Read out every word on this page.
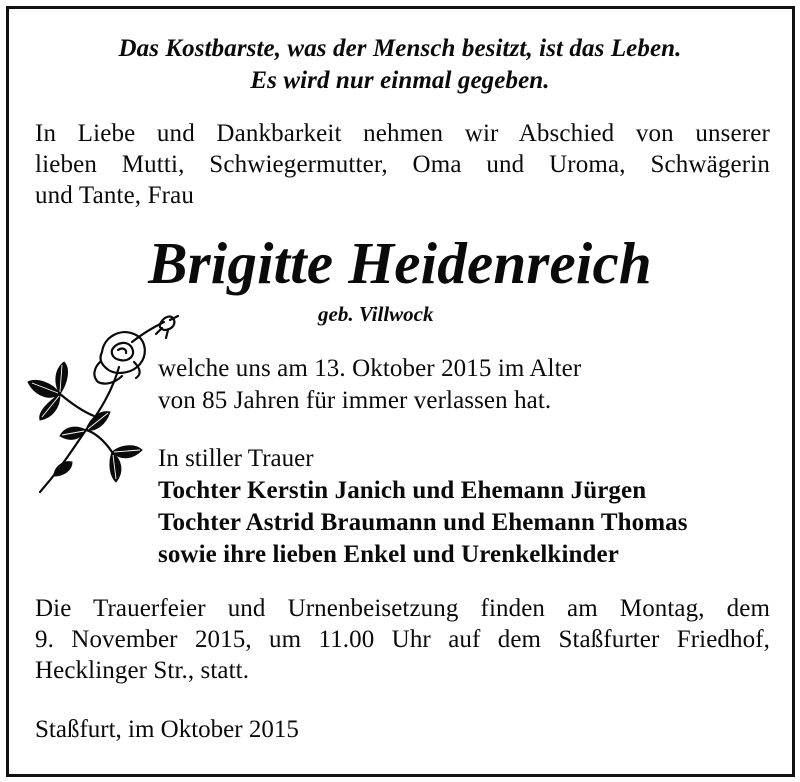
Das Kostbarste, was der Mensch besitzt, ist das Leben.
Es wird nur einmal gegeben.
In Liebe und Dankbarkeit nehmen wir Abschied von unserer
lieben Mutti, Schwiegermutter, Oma und Uroma, Schwägerin
und Tante, Frau
Brigitte Heidenreich
geb. Villwock
welche uns am 13. Oktober 2015 im Alter
von 85 Jahren für immer verlassen hat.
In stiller Trauer
Tochter Kerstin Janich und Ehemann Jürgen
Tochter Astrid Braumann und Ehemann Thomas
sowie ihre lieben Enkel und Urenkelkinder
Die Trauerfeier und Urnenbeisetzung finden am Montag, dem
9. November 2015, um 11.00 Uhr auf dem Staßfurter Friedhof,
Hecklinger Str., statt.
Staßfurt, im Oktober 2015
